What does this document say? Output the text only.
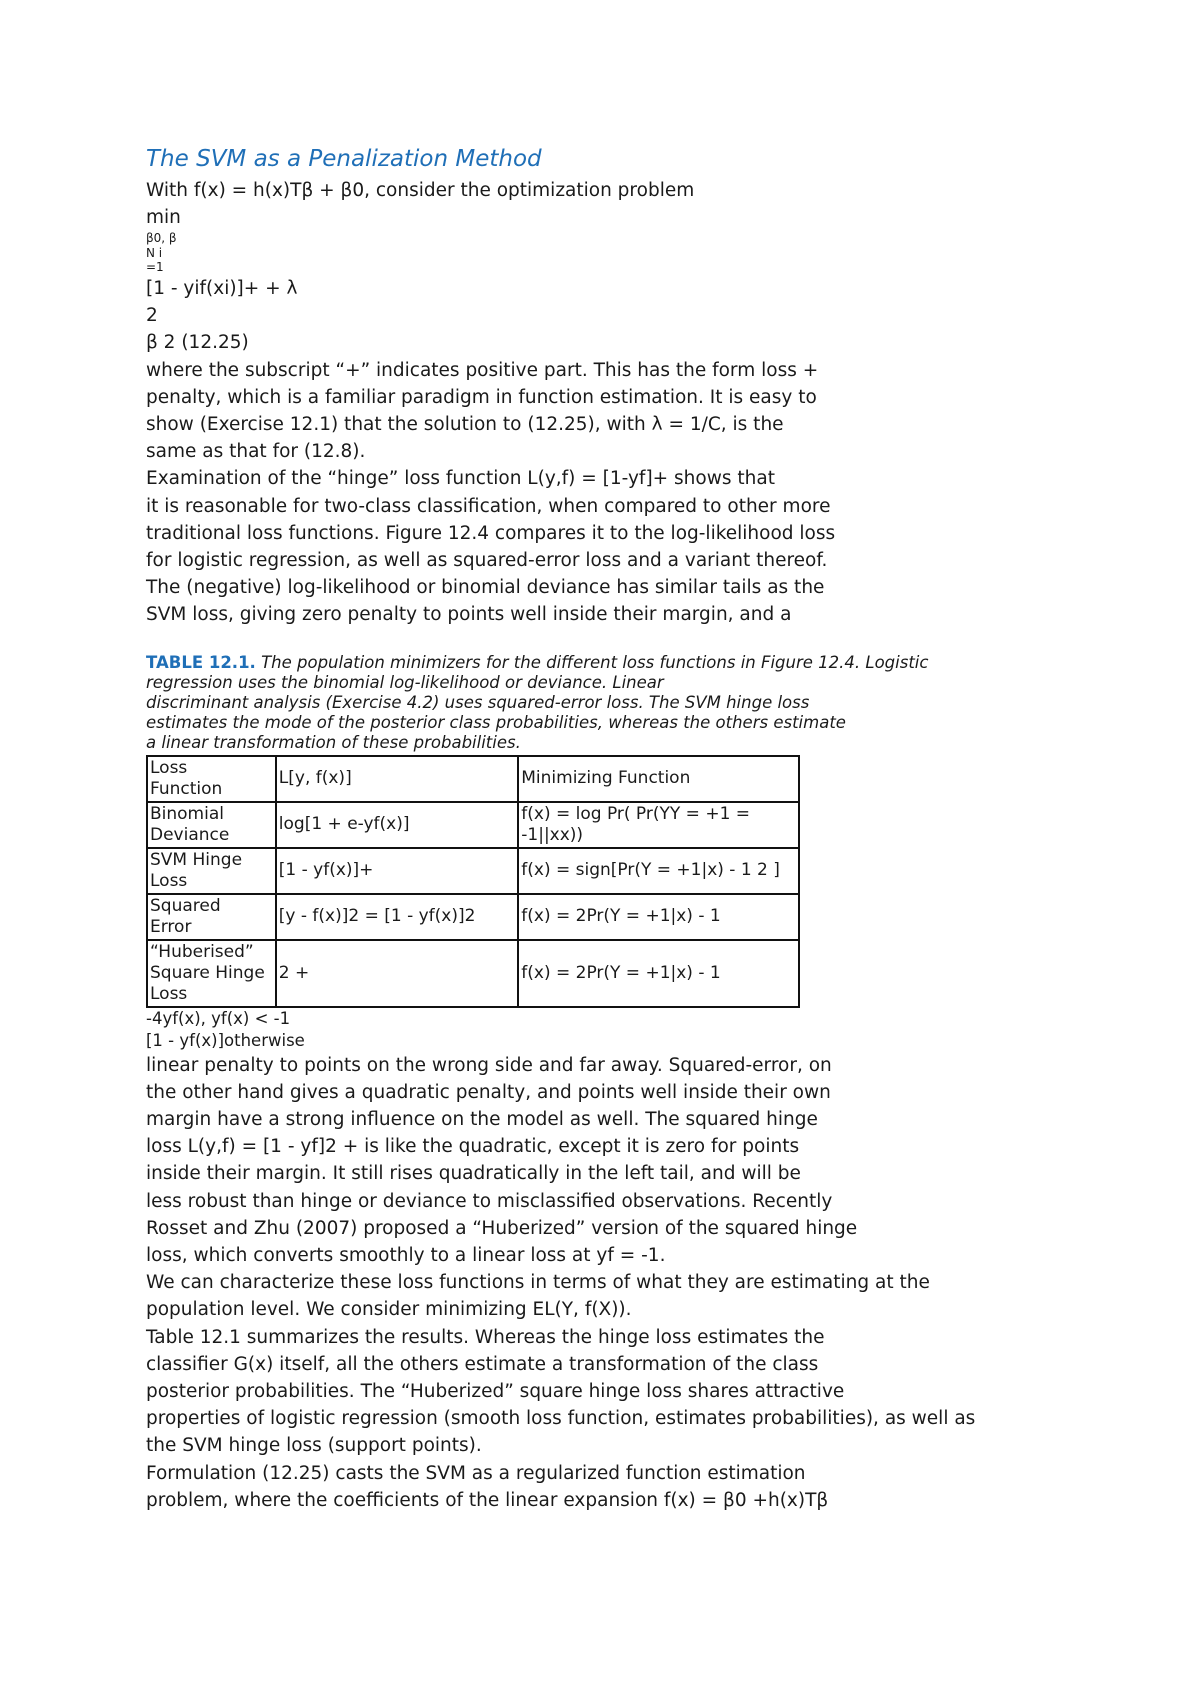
The SVM as a Penalization Method
With f(x) = h(x)Tβ + β0, consider the optimization problem
min
β0, β
N i
=1
[1 - yif(xi)]+ + λ
2
β 2 (12.25)
where the subscript “+” indicates positive part. This has the form loss +
penalty, which is a familiar paradigm in function estimation. It is easy to
show (Exercise 12.1) that the solution to (12.25), with λ = 1/C, is the
same as that for (12.8).
Examination of the “hinge” loss function L(y,f) = [1-yf]+ shows that
it is reasonable for two-class classification, when compared to other more
traditional loss functions. Figure 12.4 compares it to the log-likelihood loss
for logistic regression, as well as squared-error loss and a variant thereof.
The (negative) log-likelihood or binomial deviance has similar tails as the
SVM loss, giving zero penalty to points well inside their margin, and a
TABLE 12.1. The population minimizers for the different loss functions in Figure 12.4. Logistic
regression uses the binomial log-likelihood or deviance. Linear
discriminant analysis (Exercise 4.2) uses squared-error loss. The SVM hinge loss
estimates the mode of the posterior class probabilities, whereas the others estimate
a linear transformation of these probabilities.
Loss Function	L[y, f(x)]	Minimizing Function
Binomial Deviance	log[1 + e-yf(x)]	f(x) = log Pr( Pr(YY = +1 = -1||xx))
SVM Hinge Loss	[1 - yf(x)]+	f(x) = sign[Pr(Y = +1|x) - 1 2 ]
Squared Error	[y - f(x)]2 = [1 - yf(x)]2	f(x) = 2Pr(Y = +1|x) - 1
“Huberised” Square Hinge Loss	2 +	f(x) = 2Pr(Y = +1|x) - 1
-4yf(x), yf(x) < -1
[1 - yf(x)]otherwise
linear penalty to points on the wrong side and far away. Squared-error, on
the other hand gives a quadratic penalty, and points well inside their own
margin have a strong influence on the model as well. The squared hinge
loss L(y,f) = [1 - yf]2 + is like the quadratic, except it is zero for points
inside their margin. It still rises quadratically in the left tail, and will be
less robust than hinge or deviance to misclassified observations. Recently
Rosset and Zhu (2007) proposed a “Huberized” version of the squared hinge
loss, which converts smoothly to a linear loss at yf = -1.
We can characterize these loss functions in terms of what they are estimating at the
population level. We consider minimizing EL(Y, f(X)).
Table 12.1 summarizes the results. Whereas the hinge loss estimates the
classifier G(x) itself, all the others estimate a transformation of the class
posterior probabilities. The “Huberized” square hinge loss shares attractive
properties of logistic regression (smooth loss function, estimates probabilities), as well as
the SVM hinge loss (support points).
Formulation (12.25) casts the SVM as a regularized function estimation
problem, where the coefficients of the linear expansion f(x) = β0 +h(x)Tβ
